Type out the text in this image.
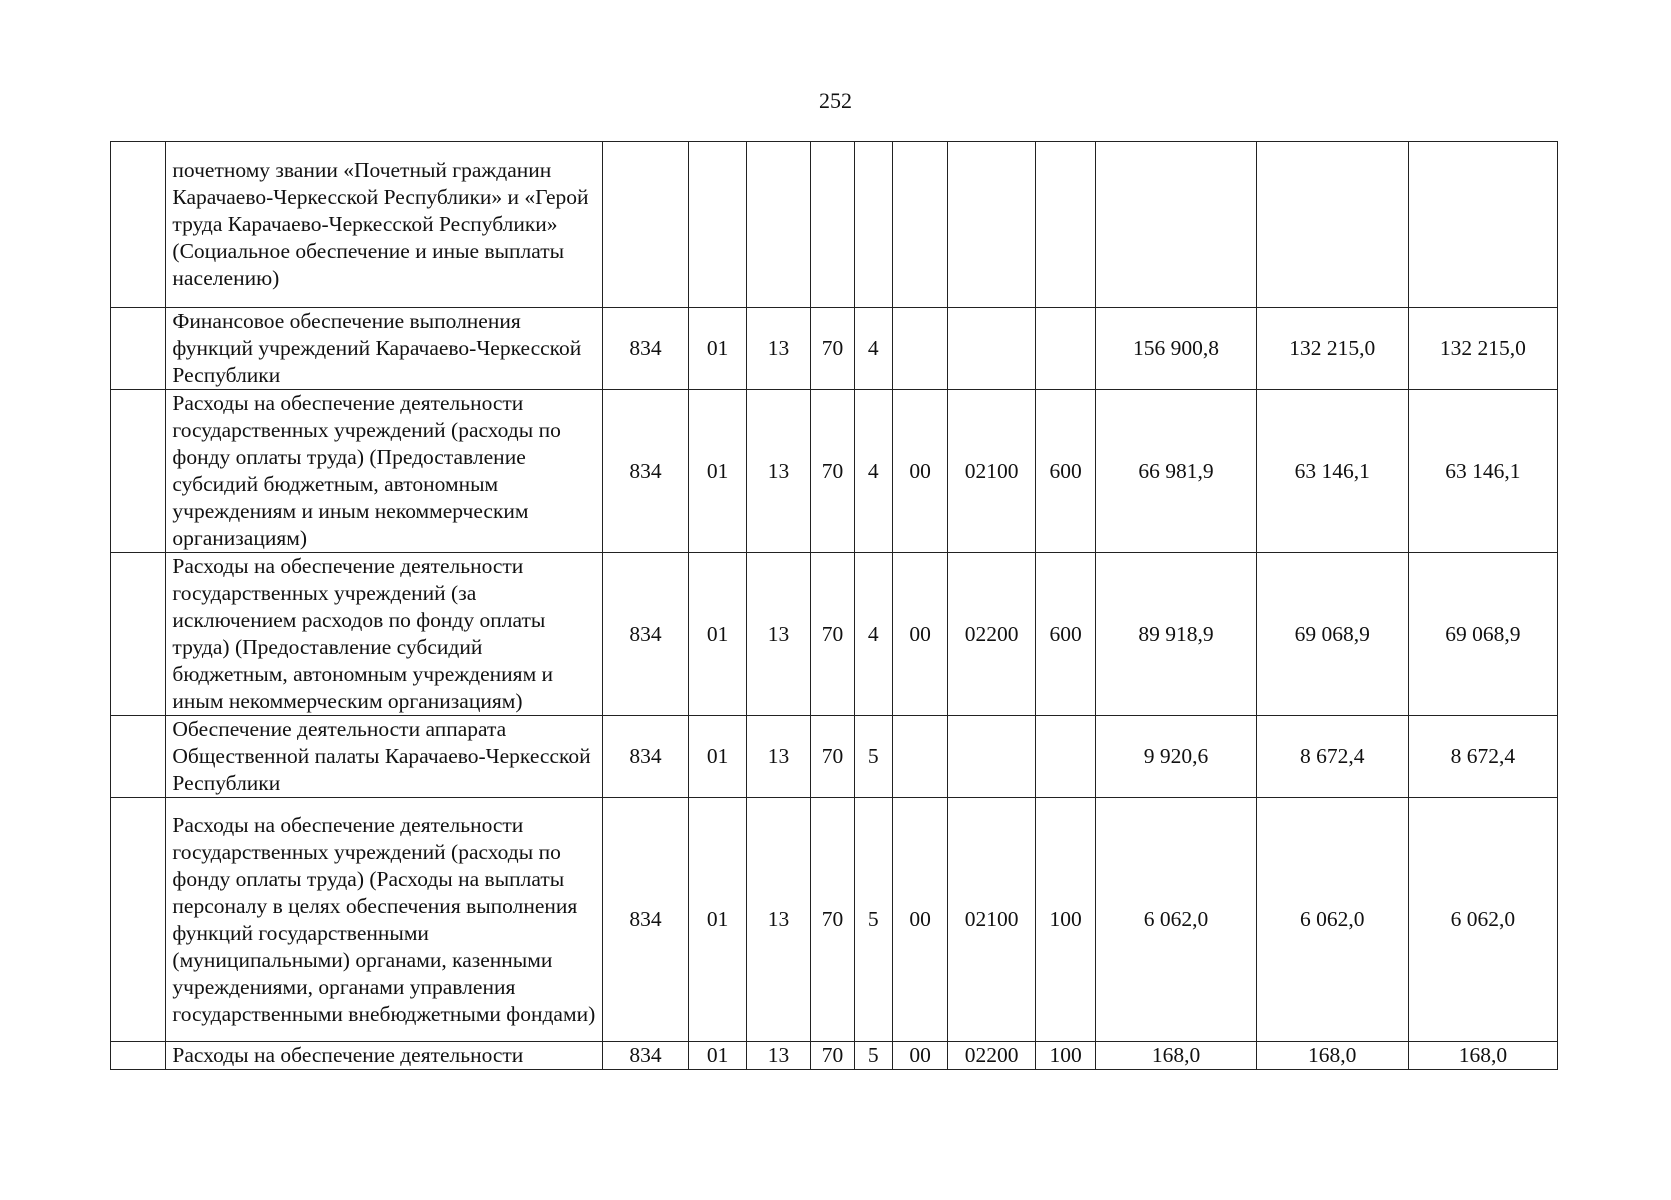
252
	почетному звании «Почетный гражданин Карачаево-Черкесской Республики» и «Герой труда Карачаево-Черкесской Республики» (Социальное обеспечение и иные выплаты населению)											
	Финансовое обеспечение выполнения функций учреждений Карачаево-Черкесской Республики	834	01	13	70	4				156 900,8	132 215,0	132 215,0
	Расходы на обеспечение деятельности государственных учреждений (расходы по фонду оплаты труда) (Предоставление субсидий бюджетным, автономным учреждениям и иным некоммерческим организациям)	834	01	13	70	4	00	02100	600	66 981,9	63 146,1	63 146,1
	Расходы на обеспечение деятельности государственных учреждений (за исключением расходов по фонду оплаты труда) (Предоставление субсидий бюджетным, автономным учреждениям и иным некоммерческим организациям)	834	01	13	70	4	00	02200	600	89 918,9	69 068,9	69 068,9
	Обеспечение деятельности аппарата Общественной палаты Карачаево-Черкесской Республики	834	01	13	70	5				9 920,6	8 672,4	8 672,4
	Расходы на обеспечение деятельности государственных учреждений (расходы по фонду оплаты труда) (Расходы на выплаты персоналу в целях обеспечения выполнения функций государственными (муниципальными) органами, казенными учреждениями, органами управления государственными внебюджетными фондами)	834	01	13	70	5	00	02100	100	6 062,0	6 062,0	6 062,0
	Расходы на обеспечение деятельности	834	01	13	70	5	00	02200	100	168,0	168,0	168,0
